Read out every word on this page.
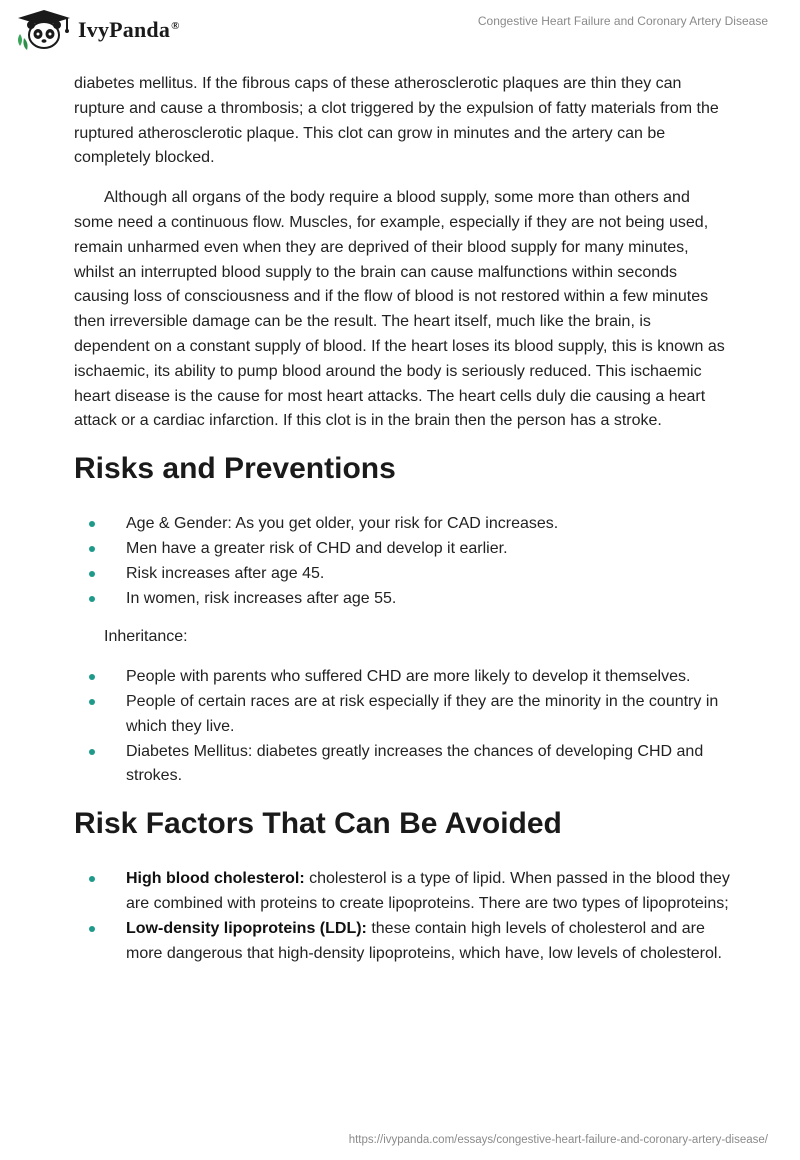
IvyPanda®	Congestive Heart Failure and Coronary Artery Disease

diabetes mellitus. If the fibrous caps of these atherosclerotic plaques are thin they can rupture and cause a thrombosis; a clot triggered by the expulsion of fatty materials from the ruptured atherosclerotic plaque. This clot can grow in minutes and the artery can be completely blocked.

Although all organs of the body require a blood supply, some more than others and some need a continuous flow. Muscles, for example, especially if they are not being used, remain unharmed even when they are deprived of their blood supply for many minutes, whilst an interrupted blood supply to the brain can cause malfunctions within seconds causing loss of consciousness and if the flow of blood is not restored within a few minutes then irreversible damage can be the result. The heart itself, much like the brain, is dependent on a constant supply of blood. If the heart loses its blood supply, this is known as ischaemic, its ability to pump blood around the body is seriously reduced. This ischaemic heart disease is the cause for most heart attacks. The heart cells duly die causing a heart attack or a cardiac infarction. If this clot is in the brain then the person has a stroke.

Risks and Preventions
Age & Gender: As you get older, your risk for CAD increases.
Men have a greater risk of CHD and develop it earlier.
Risk increases after age 45.
In women, risk increases after age 55.

Inheritance:

People with parents who suffered CHD are more likely to develop it themselves.
People of certain races are at risk especially if they are the minority in the country in which they live.
Diabetes Mellitus: diabetes greatly increases the chances of developing CHD and strokes.
Risk Factors That Can Be Avoided
High blood cholesterol: cholesterol is a type of lipid. When passed in the blood they are combined with proteins to create lipoproteins. There are two types of lipoproteins;
Low-density lipoproteins (LDL): these contain high levels of cholesterol and are more dangerous that high-density lipoproteins, which have, low levels of cholesterol.
https://ivypanda.com/essays/congestive-heart-failure-and-coronary-artery-disease/
